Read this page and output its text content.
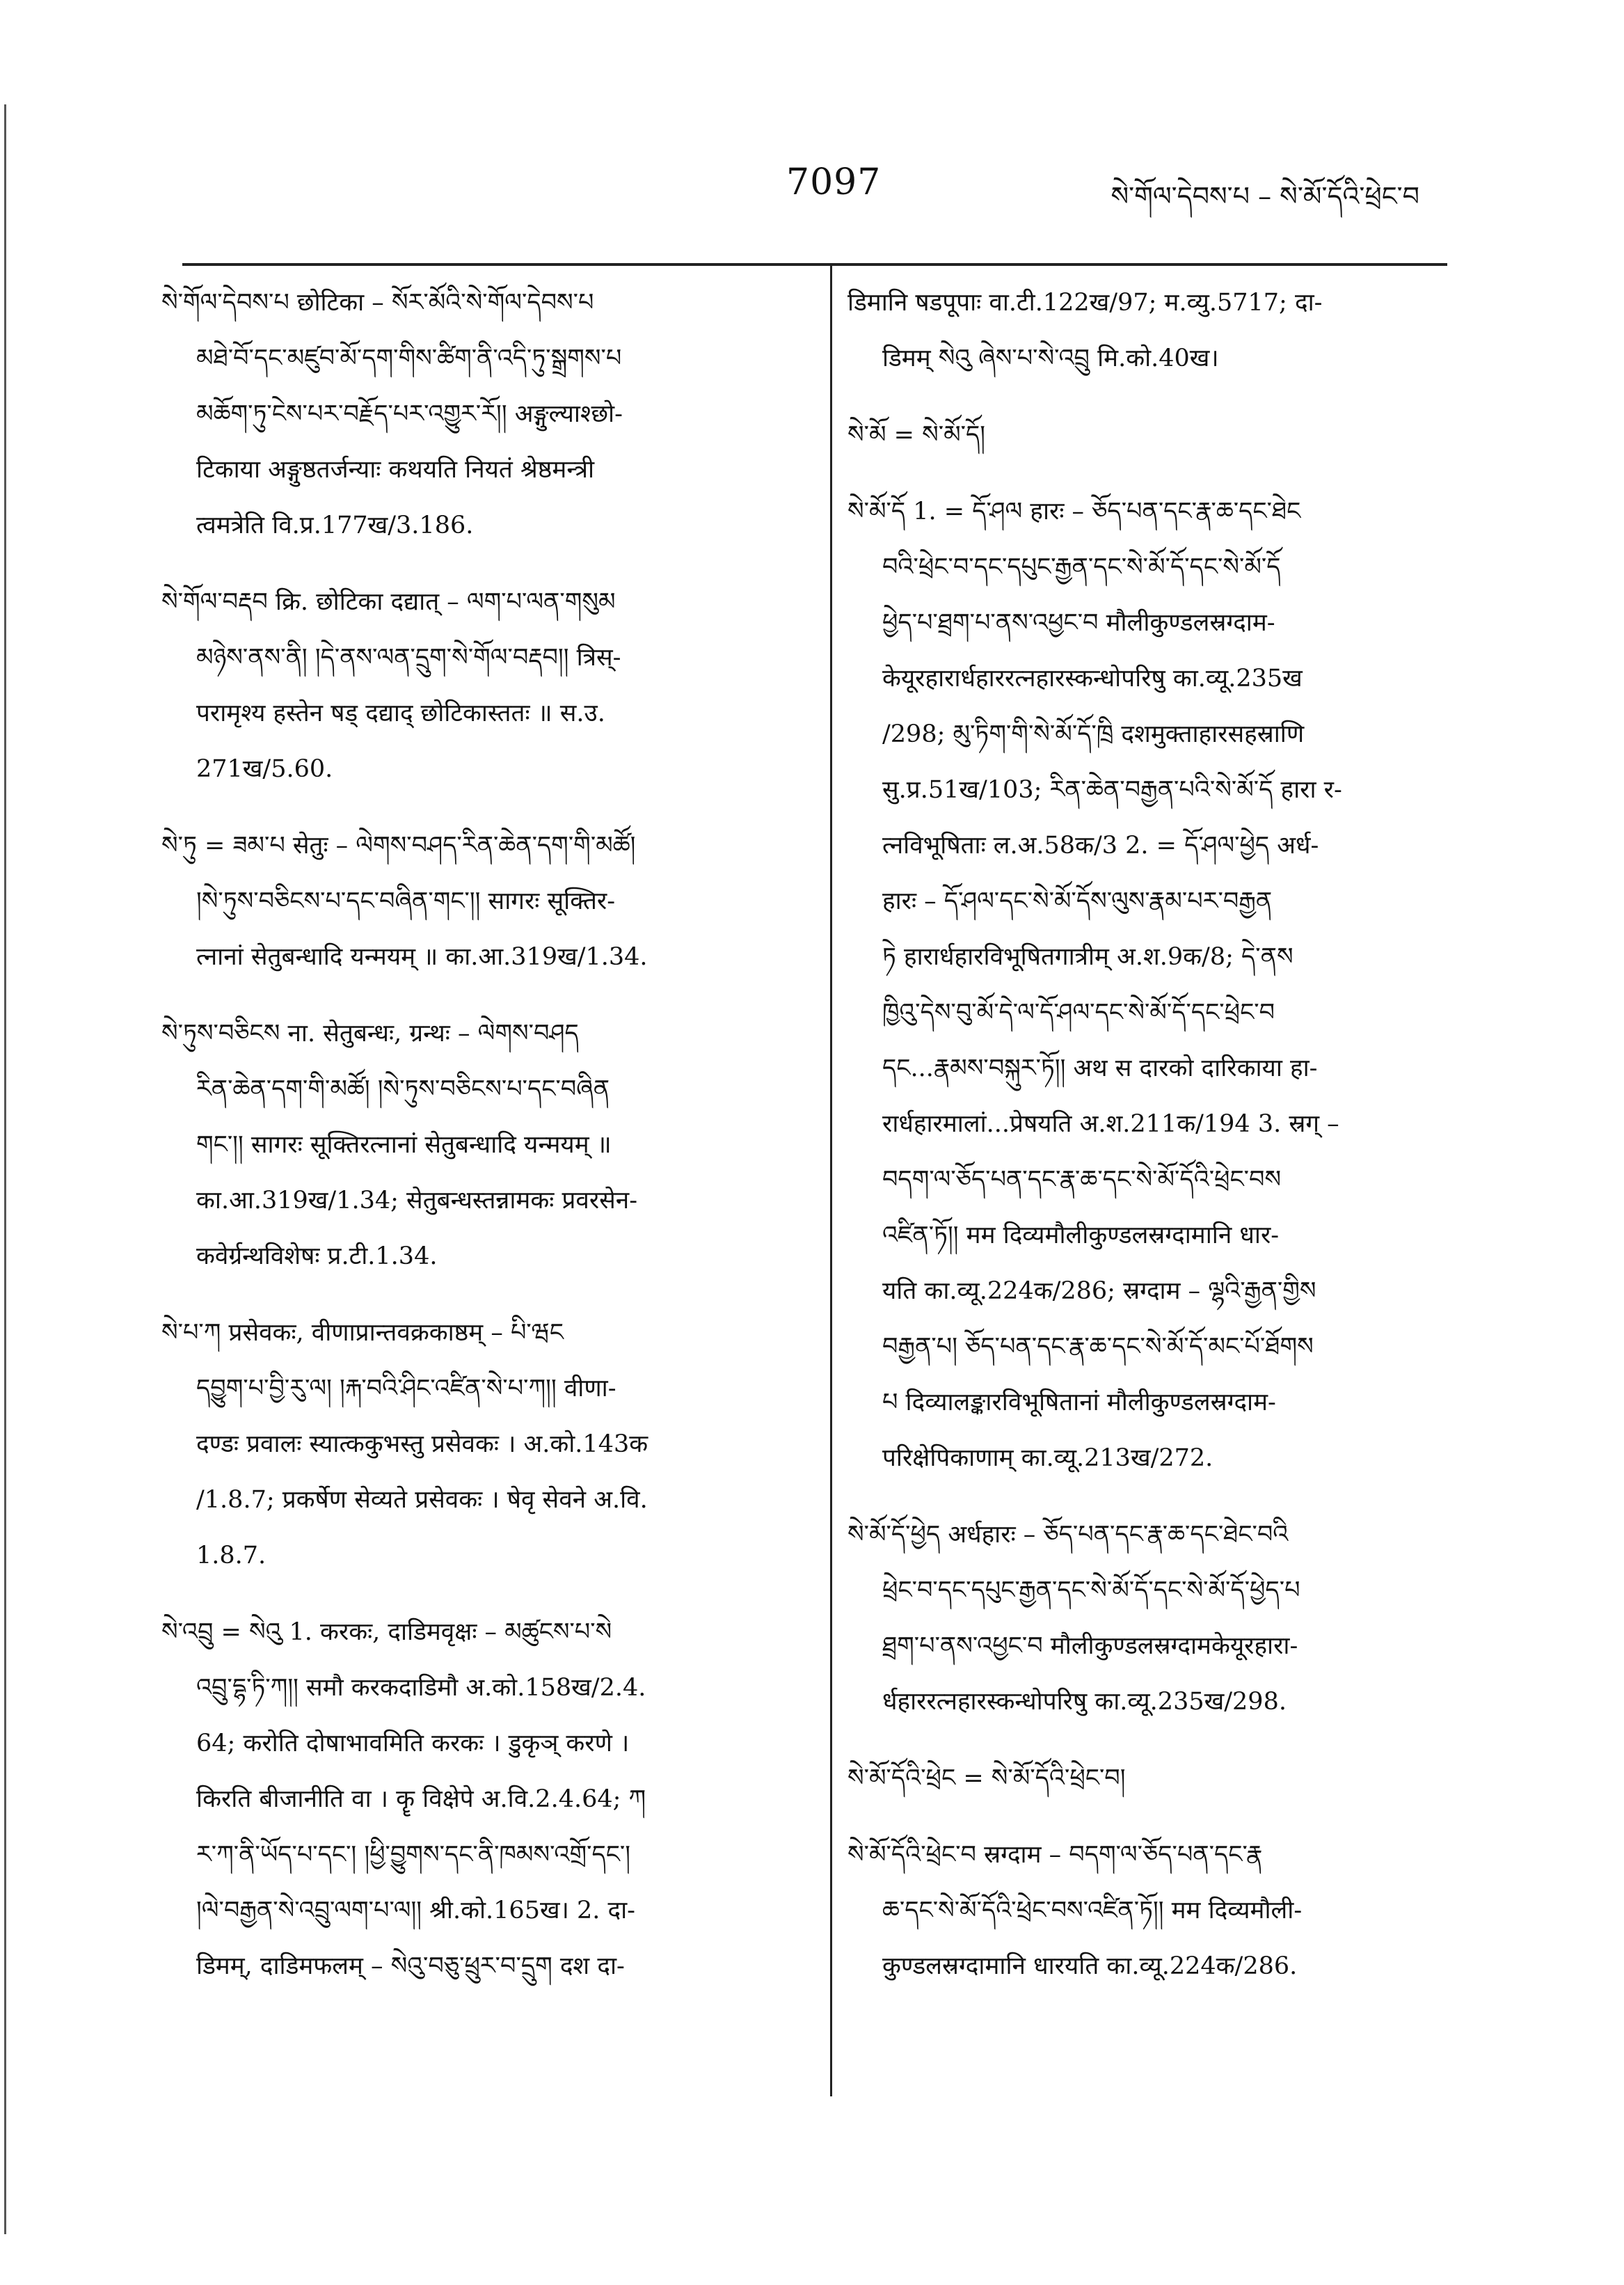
7097	སེ་གོལ་དེབས་པ – སེ་མོ་དོའི་ཕྲེང་བ
སེ་གོལ་དེབས་པ छोटिका – སོར་མོའི་སེ་གོལ་དེབས་པ
མཐེ་བོ་དང་མཛུབ་མོ་དག་གིས་ཚིག་ནི་འདི་ཏུ་སྒྲགས་པ
མཆོག་ཏུ་ངེས་པར་བརྗོད་པར་འགྱུར་རོ།། अङ्गुल्याश्छो-
टिकाया अङ्गुष्ठतर्जन्याः कथयति नियतं श्रेष्ठमन्त्री
त्वमत्रेति वि.प्र.177ख/3.186.
སེ་གོལ་བརྡབ क्रि. छोटिका दद्यात् – ལག་པ་ལན་གསུམ
མཉེས་ནས་ནི། །དེ་ནས་ལན་དྲུག་སེ་གོལ་བརྡབ།། त्रिस्-
परामृश्य हस्तेन षड् दद्याद् छोटिकास्ततः ॥ स.उ.
271ख/5.60.
སེ་ཏུ = ཟམ་པ सेतुः – ལེགས་བཤད་རིན་ཆེན་དག་གི་མཚོ།
།སེ་ཏུས་བཅིངས་པ་དང་བཞིན་གང་།། सागरः सूक्तिर-
त्नानां सेतुबन्धादि यन्मयम् ॥ का.आ.319ख/1.34.
སེ་ཏུས་བཅིངས ना. सेतुबन्धः, ग्रन्थः – ལེགས་བཤད
རིན་ཆེན་དག་གི་མཚོ། །སེ་ཏུས་བཅིངས་པ་དང་བཞིན
གང་།། सागरः सूक्तिरत्नानां सेतुबन्धादि यन्मयम् ॥
का.आ.319ख/1.34; सेतुबन्धस्तन्नामकः प्रवरसेन-
कवेर्ग्रन्थविशेषः प्र.टी.1.34.
སེ་པ་ཀ प्रसेवकः, वीणाप्रान्तवक्रकाष्ठम् – པི་ཝང
དབྱུག་པ་བྱི་རུ་ལ། །རྐ་བའི་ཤིང་འཛིན་སེ་པ་ཀ།། वीणा-
दण्डः प्रवालः स्यात्ककुभस्तु प्रसेवकः । अ.को.143क
/1.8.7; प्रकर्षेण सेव्यते प्रसेवकः । षेवृ सेवने अ.वि.
1.8.7.
སེ་འབྲུ = སེའུ 1. करकः, दाडिमवृक्षः – མཚུངས་པ་སེ
འབྲུ་དྷ་ཏི་ཀ།། समौ करकदाडिमौ अ.को.158ख/2.4.
64; करोति दोषाभावमिति करकः । डुकृञ् करणे ।
किरति बीजानीति वा । कॄ विक्षेपे अ.वि.2.4.64; ཀ
ར་ཀ་ནི་ཡོད་པ་དང་། །ཕྱི་བྱུགས་དང་ནི་ཁམས་འགྲོ་དང་།
།ལེ་བརྒྱན་སེ་འབྲུ་ལག་པ་ལ།། श्री.को.165ख। 2. दा-
डिमम्, दाडिमफलम् – སེའུ་བཅུ་ཕྲུར་བ་དྲུག दश दा-
डिमानि षडपूपाः वा.टी.122ख/97; म.व्यु.5717; दा-
डिमम् སེའུ ཞེས་པ་སེ་འབྲུ मि.को.40ख।
སེ་མོ = སེ་མོ་དོ།
སེ་མོ་དོ 1. = དོ་ཤལ हारः – ཅོད་པན་དང་རྣ་ཆ་དང་ཐེང
བའི་ཕྲེང་བ་དང་དཔུང་རྒྱན་དང་སེ་མོ་དོ་དང་སེ་མོ་དོ
ཕྱེད་པ་ཐྲག་པ་ནས་འཕྱང་བ मौलीकुण्डलस्रग्दाम-
केयूरहारार्धहाररत्नहारस्कन्धोपरिषु का.व्यू.235ख
/298; མུ་ཏིག་གི་སེ་མོ་དོ་ཁྲི दशमुक्ताहारसहस्राणि
सु.प्र.51ख/103; རིན་ཆེན་བརྒྱན་པའི་སེ་མོ་དོ हारा र-
त्नविभूषिताः ल.अ.58क/3 2. = དོ་ཤལ་ཕྱེད अर्ध-
हारः – དོ་ཤལ་དང་སེ་མོ་དོས་ལུས་རྣམ་པར་བརྒྱན
ཏེ हारार्धहारविभूषितगात्रीम् अ.श.9क/8; དེ་ནས
ཁྱིའུ་དེས་བུ་མོ་དེ་ལ་དོ་ཤལ་དང་སེ་མོ་དོ་དང་ཕྲེང་བ
དང...རྣམས་བསྐུར་ཏོ།། अथ स दारको दारिकाया हा-
रार्धहारमालां...प्रेषयति अ.श.211क/194 3. स्रग् –
བདག་ལ་ཅོད་པན་དང་རྣ་ཆ་དང་སེ་མོ་དོའི་ཕྲེང་བས
འཛིན་ཏོ།། मम दिव्यमौलीकुण्डलस्रग्दामानि धार-
यति का.व्यू.224क/286; स्रग्दाम – ལྷའི་རྒྱན་གྱིས
བརྒྱན་པ། ཅོད་པན་དང་རྣ་ཆ་དང་སེ་མོ་དོ་མང་པོ་ཐོགས
པ दिव्यालङ्कारविभूषितानां मौलीकुण्डलस्रग्दाम-
परिक्षेपिकाणाम् का.व्यू.213ख/272.
སེ་མོ་དོ་ཕྱེད अर्धहारः – ཅོད་པན་དང་རྣ་ཆ་དང་ཐེང་བའི
ཕྲེང་བ་དང་དཔུང་རྒྱན་དང་སེ་མོ་དོ་དང་སེ་མོ་དོ་ཕྱེད་པ
ཐྲག་པ་ནས་འཕྱང་བ मौलीकुण्डलस्रग्दामकेयूरहारा-
र्धहाररत्नहारस्कन्धोपरिषु का.व्यू.235ख/298.
སེ་མོ་དོའི་ཕྲེང = སེ་མོ་དོའི་ཕྲེང་བ།
སེ་མོ་དོའི་ཕྲེང་བ स्रग्दाम – བདག་ལ་ཅོད་པན་དང་རྣ
ཆ་དང་སེ་མོ་དོའི་ཕྲེང་བས་འཛིན་ཏོ།། मम दिव्यमौली-
कुण्डलस्रग्दामानि धारयति का.व्यू.224क/286.
